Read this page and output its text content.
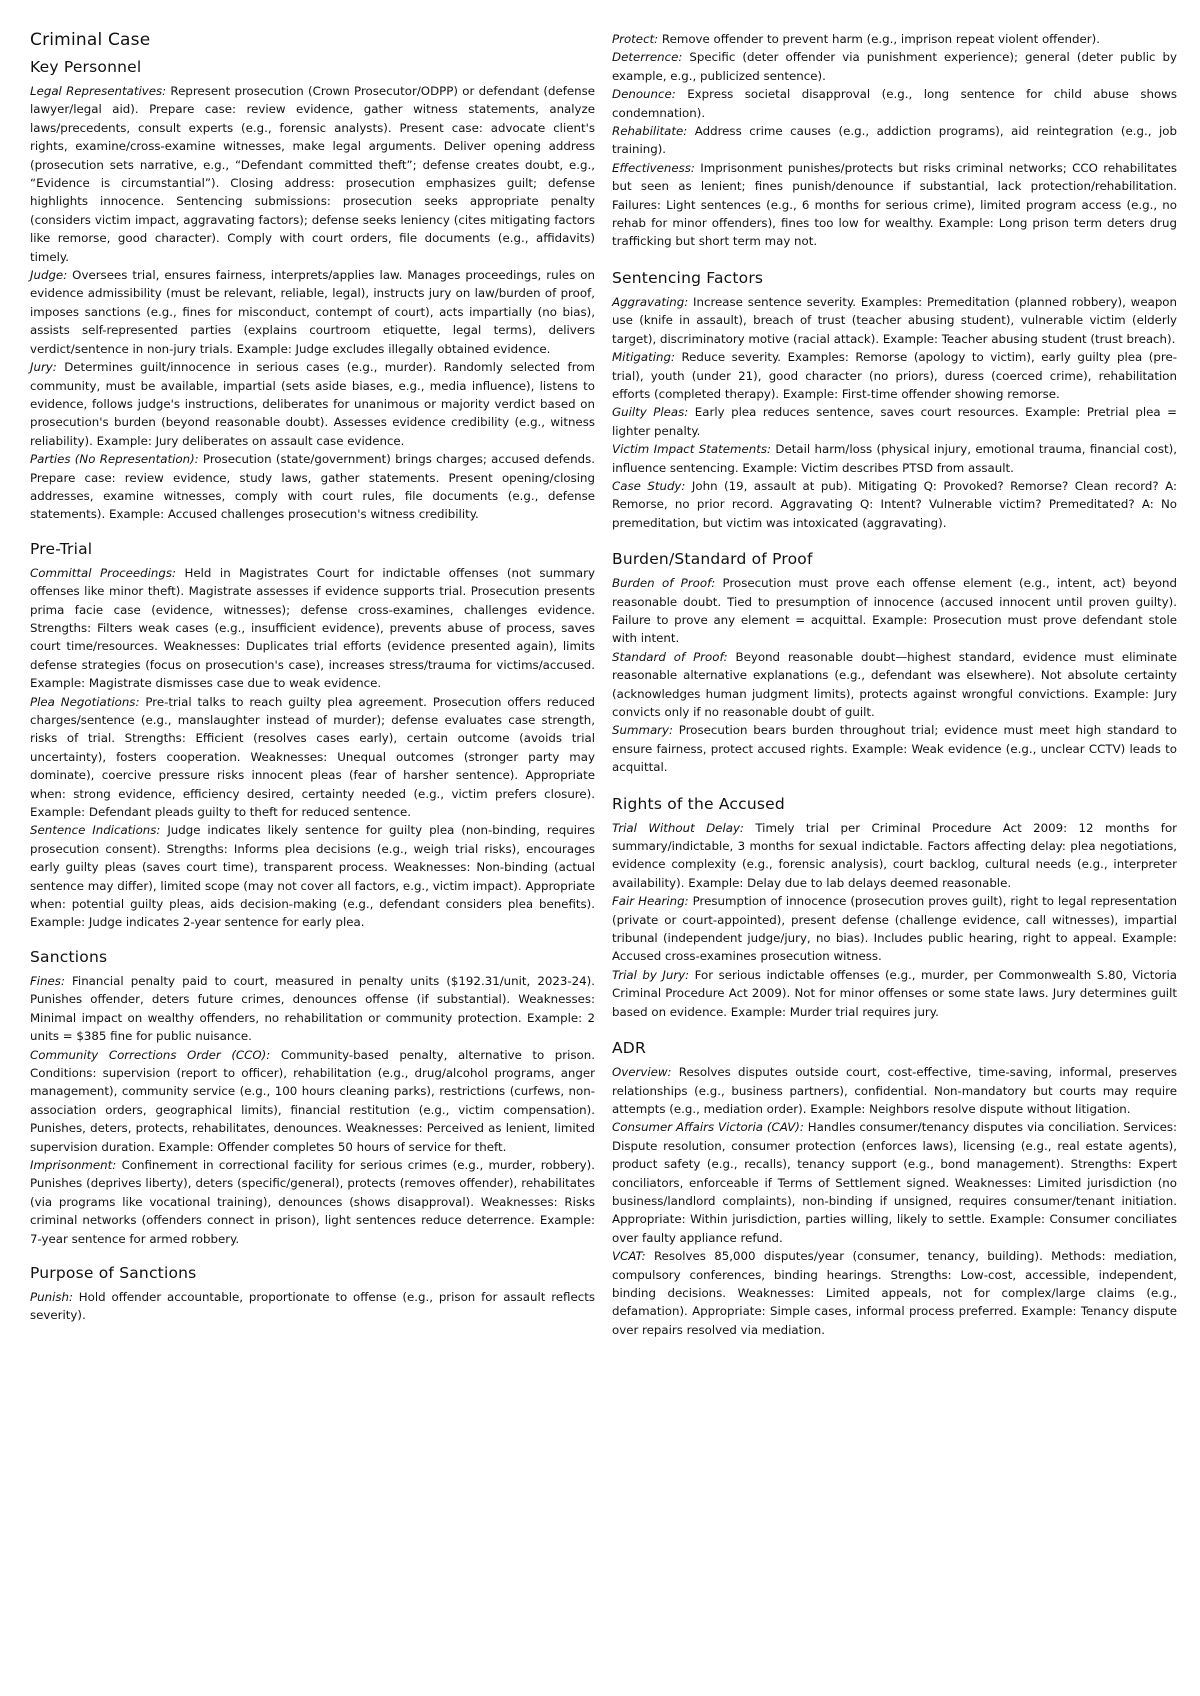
Criminal Case
Key Personnel

Legal Representatives: Represent prosecution (Crown Prosecutor/ODPP) or defendant (defense lawyer/legal aid). Prepare case: review evidence, gather witness statements, analyze laws/precedents, consult experts (e.g., forensic analysts). Present case: advocate client's rights, examine/cross-examine witnesses, make legal arguments. Deliver opening address (prosecution sets narrative, e.g., “Defendant committed theft”; defense creates doubt, e.g., “Evidence is circumstantial”). Closing address: prosecution emphasizes guilt; defense highlights innocence. Sentencing submissions: prosecution seeks appropriate penalty (considers victim impact, aggravating factors); defense seeks leniency (cites mitigating factors like remorse, good character). Comply with court orders, file documents (e.g., affidavits) timely.

Judge: Oversees trial, ensures fairness, interprets/applies law. Manages proceedings, rules on evidence admissibility (must be relevant, reliable, legal), instructs jury on law/burden of proof, imposes sanctions (e.g., fines for misconduct, contempt of court), acts impartially (no bias), assists self-represented parties (explains courtroom etiquette, legal terms), delivers verdict/sentence in non-jury trials. Example: Judge excludes illegally obtained evidence.

Jury: Determines guilt/innocence in serious cases (e.g., murder). Randomly selected from community, must be available, impartial (sets aside biases, e.g., media influence), listens to evidence, follows judge's instructions, deliberates for unanimous or majority verdict based on prosecution's burden (beyond reasonable doubt). Assesses evidence credibility (e.g., witness reliability). Example: Jury deliberates on assault case evidence.

Parties (No Representation): Prosecution (state/government) brings charges; accused defends. Prepare case: review evidence, study laws, gather statements. Present opening/closing addresses, examine witnesses, comply with court rules, file documents (e.g., defense statements). Example: Accused challenges prosecution's witness credibility.

Pre-Trial

Committal Proceedings: Held in Magistrates Court for indictable offenses (not summary offenses like minor theft). Magistrate assesses if evidence supports trial. Prosecution presents prima facie case (evidence, witnesses); defense cross-examines, challenges evidence. Strengths: Filters weak cases (e.g., insufficient evidence), prevents abuse of process, saves court time/resources. Weaknesses: Duplicates trial efforts (evidence presented again), limits defense strategies (focus on prosecution's case), increases stress/trauma for victims/accused. Example: Magistrate dismisses case due to weak evidence.

Plea Negotiations: Pre-trial talks to reach guilty plea agreement. Prosecution offers reduced charges/sentence (e.g., manslaughter instead of murder); defense evaluates case strength, risks of trial. Strengths: Efficient (resolves cases early), certain outcome (avoids trial uncertainty), fosters cooperation. Weaknesses: Unequal outcomes (stronger party may dominate), coercive pressure risks innocent pleas (fear of harsher sentence). Appropriate when: strong evidence, efficiency desired, certainty needed (e.g., victim prefers closure). Example: Defendant pleads guilty to theft for reduced sentence.

Sentence Indications: Judge indicates likely sentence for guilty plea (non-binding, requires prosecution consent). Strengths: Informs plea decisions (e.g., weigh trial risks), encourages early guilty pleas (saves court time), transparent process. Weaknesses: Non-binding (actual sentence may differ), limited scope (may not cover all factors, e.g., victim impact). Appropriate when: potential guilty pleas, aids decision-making (e.g., defendant considers plea benefits). Example: Judge indicates 2-year sentence for early plea.

Sanctions

Fines: Financial penalty paid to court, measured in penalty units ($192.31/unit, 2023-24). Punishes offender, deters future crimes, denounces offense (if substantial). Weaknesses: Minimal impact on wealthy offenders, no rehabilitation or community protection. Example: 2 units = $385 fine for public nuisance.

Community Corrections Order (CCO): Community-based penalty, alternative to prison. Conditions: supervision (report to officer), rehabilitation (e.g., drug/alcohol programs, anger management), community service (e.g., 100 hours cleaning parks), restrictions (curfews, non-association orders, geographical limits), financial restitution (e.g., victim compensation). Punishes, deters, protects, rehabilitates, denounces. Weaknesses: Perceived as lenient, limited supervision duration. Example: Offender completes 50 hours of service for theft.

Imprisonment: Confinement in correctional facility for serious crimes (e.g., murder, robbery). Punishes (deprives liberty), deters (specific/general), protects (removes offender), rehabilitates (via programs like vocational training), denounces (shows disapproval). Weaknesses: Risks criminal networks (offenders connect in prison), light sentences reduce deterrence. Example: 7-year sentence for armed robbery.

Purpose of Sanctions

Punish: Hold offender accountable, proportionate to offense (e.g., prison for assault reflects severity).

Protect: Remove offender to prevent harm (e.g., imprison repeat violent offender).

Deterrence: Specific (deter offender via punishment experience); general (deter public by example, e.g., publicized sentence).

Denounce: Express societal disapproval (e.g., long sentence for child abuse shows condemnation).

Rehabilitate: Address crime causes (e.g., addiction programs), aid reintegration (e.g., job training).

Effectiveness: Imprisonment punishes/protects but risks criminal networks; CCO rehabilitates but seen as lenient; fines punish/denounce if substantial, lack protection/rehabilitation. Failures: Light sentences (e.g., 6 months for serious crime), limited program access (e.g., no rehab for minor offenders), fines too low for wealthy. Example: Long prison term deters drug trafficking but short term may not.

Sentencing Factors

Aggravating: Increase sentence severity. Examples: Premeditation (planned robbery), weapon use (knife in assault), breach of trust (teacher abusing student), vulnerable victim (elderly target), discriminatory motive (racial attack). Example: Teacher abusing student (trust breach).

Mitigating: Reduce severity. Examples: Remorse (apology to victim), early guilty plea (pre-trial), youth (under 21), good character (no priors), duress (coerced crime), rehabilitation efforts (completed therapy). Example: First-time offender showing remorse.

Guilty Pleas: Early plea reduces sentence, saves court resources. Example: Pretrial plea = lighter penalty.

Victim Impact Statements: Detail harm/loss (physical injury, emotional trauma, financial cost), influence sentencing. Example: Victim describes PTSD from assault.

Case Study: John (19, assault at pub). Mitigating Q: Provoked? Remorse? Clean record? A: Remorse, no prior record. Aggravating Q: Intent? Vulnerable victim? Premeditated? A: No premeditation, but victim was intoxicated (aggravating).

Burden/Standard of Proof

Burden of Proof: Prosecution must prove each offense element (e.g., intent, act) beyond reasonable doubt. Tied to presumption of innocence (accused innocent until proven guilty). Failure to prove any element = acquittal. Example: Prosecution must prove defendant stole with intent.

Standard of Proof: Beyond reasonable doubt—highest standard, evidence must eliminate reasonable alternative explanations (e.g., defendant was elsewhere). Not absolute certainty (acknowledges human judgment limits), protects against wrongful convictions. Example: Jury convicts only if no reasonable doubt of guilt.

Summary: Prosecution bears burden throughout trial; evidence must meet high standard to ensure fairness, protect accused rights. Example: Weak evidence (e.g., unclear CCTV) leads to acquittal.

Rights of the Accused

Trial Without Delay: Timely trial per Criminal Procedure Act 2009: 12 months for summary/indictable, 3 months for sexual indictable. Factors affecting delay: plea negotiations, evidence complexity (e.g., forensic analysis), court backlog, cultural needs (e.g., interpreter availability). Example: Delay due to lab delays deemed reasonable.

Fair Hearing: Presumption of innocence (prosecution proves guilt), right to legal representation (private or court-appointed), present defense (challenge evidence, call witnesses), impartial tribunal (independent judge/jury, no bias). Includes public hearing, right to appeal. Example: Accused cross-examines prosecution witness.

Trial by Jury: For serious indictable offenses (e.g., murder, per Commonwealth S.80, Victoria Criminal Procedure Act 2009). Not for minor offenses or some state laws. Jury determines guilt based on evidence. Example: Murder trial requires jury.

ADR

Overview: Resolves disputes outside court, cost-effective, time-saving, informal, preserves relationships (e.g., business partners), confidential. Non-mandatory but courts may require attempts (e.g., mediation order). Example: Neighbors resolve dispute without litigation.

Consumer Affairs Victoria (CAV): Handles consumer/tenancy disputes via conciliation. Services: Dispute resolution, consumer protection (enforces laws), licensing (e.g., real estate agents), product safety (e.g., recalls), tenancy support (e.g., bond management). Strengths: Expert conciliators, enforceable if Terms of Settlement signed. Weaknesses: Limited jurisdiction (no business/landlord complaints), non-binding if unsigned, requires consumer/tenant initiation. Appropriate: Within jurisdiction, parties willing, likely to settle. Example: Consumer conciliates over faulty appliance refund.

VCAT: Resolves 85,000 disputes/year (consumer, tenancy, building). Methods: mediation, compulsory conferences, binding hearings. Strengths: Low-cost, accessible, independent, binding decisions. Weaknesses: Limited appeals, not for complex/large claims (e.g., defamation). Appropriate: Simple cases, informal process preferred. Example: Tenancy dispute over repairs resolved via mediation.
